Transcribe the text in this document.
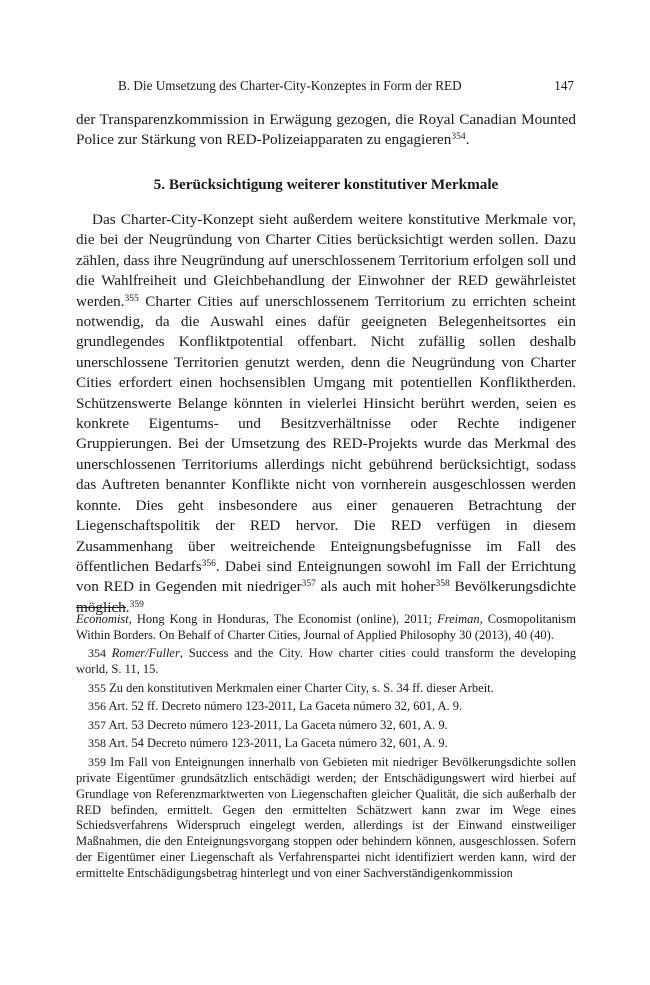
B. Die Umsetzung des Charter-City-Konzeptes in Form der RED	147

der Transparenzkommission in Erwägung gezogen, die Royal Canadian Mounted Police zur Stärkung von RED-Polizeiapparaten zu engagieren$^{354}$.

5. Berücksichtigung weiterer konstitutiver Merkmale

Das Charter-City-Konzept sieht außerdem weitere konstitutive Merkmale vor, die bei der Neugründung von Charter Cities berücksichtigt werden sollen. Dazu zählen, dass ihre Neugründung auf unerschlossenem Territorium erfolgen soll und die Wahlfreiheit und Gleichbehandlung der Einwohner der RED gewährleistet werden.$^{355}$ Charter Cities auf unerschlossenem Territorium zu errichten scheint notwendig, da die Auswahl eines dafür geeigneten Belegenheitsortes ein grundlegendes Konfliktpotential offenbart. Nicht zufällig sollen deshalb unerschlossene Territorien genutzt werden, denn die Neugründung von Charter Cities erfordert einen hochsensiblen Umgang mit potentiellen Konfliktherden. Schützenswerte Belange könnten in vielerlei Hinsicht berührt werden, seien es konkrete Eigentums- und Besitzverhältnisse oder Rechte indigener Gruppierungen. Bei der Umsetzung des RED-Projekts wurde das Merkmal des unerschlossenen Territoriums allerdings nicht gebührend berücksichtigt, sodass das Auftreten benannter Konflikte nicht von vornherein ausgeschlossen werden konnte. Dies geht insbesondere aus einer genaueren Betrachtung der Liegenschaftspolitik der RED hervor. Die RED verfügen in diesem Zusammenhang über weitreichende Enteignungsbefugnisse im Fall des öffentlichen Bedarfs$^{356}$. Dabei sind Enteignungen sowohl im Fall der Errichtung von RED in Gegenden mit niedriger$^{357}$ als auch mit hoher$^{358}$ Bevölkerungsdichte möglich.$^{359}$

Economist, Hong Kong in Honduras, The Economist (online), 2011; Freiman, Cosmopolitanism Within Borders. On Behalf of Charter Cities, Journal of Applied Philosophy 30 (2013), 40 (40).

354 Romer/Fuller, Success and the City. How charter cities could transform the developing world, S. 11, 15.

355 Zu den konstitutiven Merkmalen einer Charter City, s. S. 34 ff. dieser Arbeit.

356 Art. 52 ff. Decreto número 123-2011, La Gaceta número 32, 601, A. 9.

357 Art. 53 Decreto número 123-2011, La Gaceta número 32, 601, A. 9.

358 Art. 54 Decreto número 123-2011, La Gaceta número 32, 601, A. 9.

359 Im Fall von Enteignungen innerhalb von Gebieten mit niedriger Bevölkerungsdichte sollen private Eigentümer grundsätzlich entschädigt werden; der Entschädigungswert wird hierbei auf Grundlage von Referenzmarktwerten von Liegenschaften gleicher Qualität, die sich außerhalb der RED befinden, ermittelt. Gegen den ermittelten Schätzwert kann zwar im Wege eines Schiedsverfahrens Widerspruch eingelegt werden, allerdings ist der Einwand einstweiliger Maßnahmen, die den Enteignungsvorgang stoppen oder behindern können, ausgeschlossen. Sofern der Eigentümer einer Liegenschaft als Verfahrenspartei nicht identifiziert werden kann, wird der ermittelte Entschädigungsbetrag hinterlegt und von einer Sachverständigenkommission
